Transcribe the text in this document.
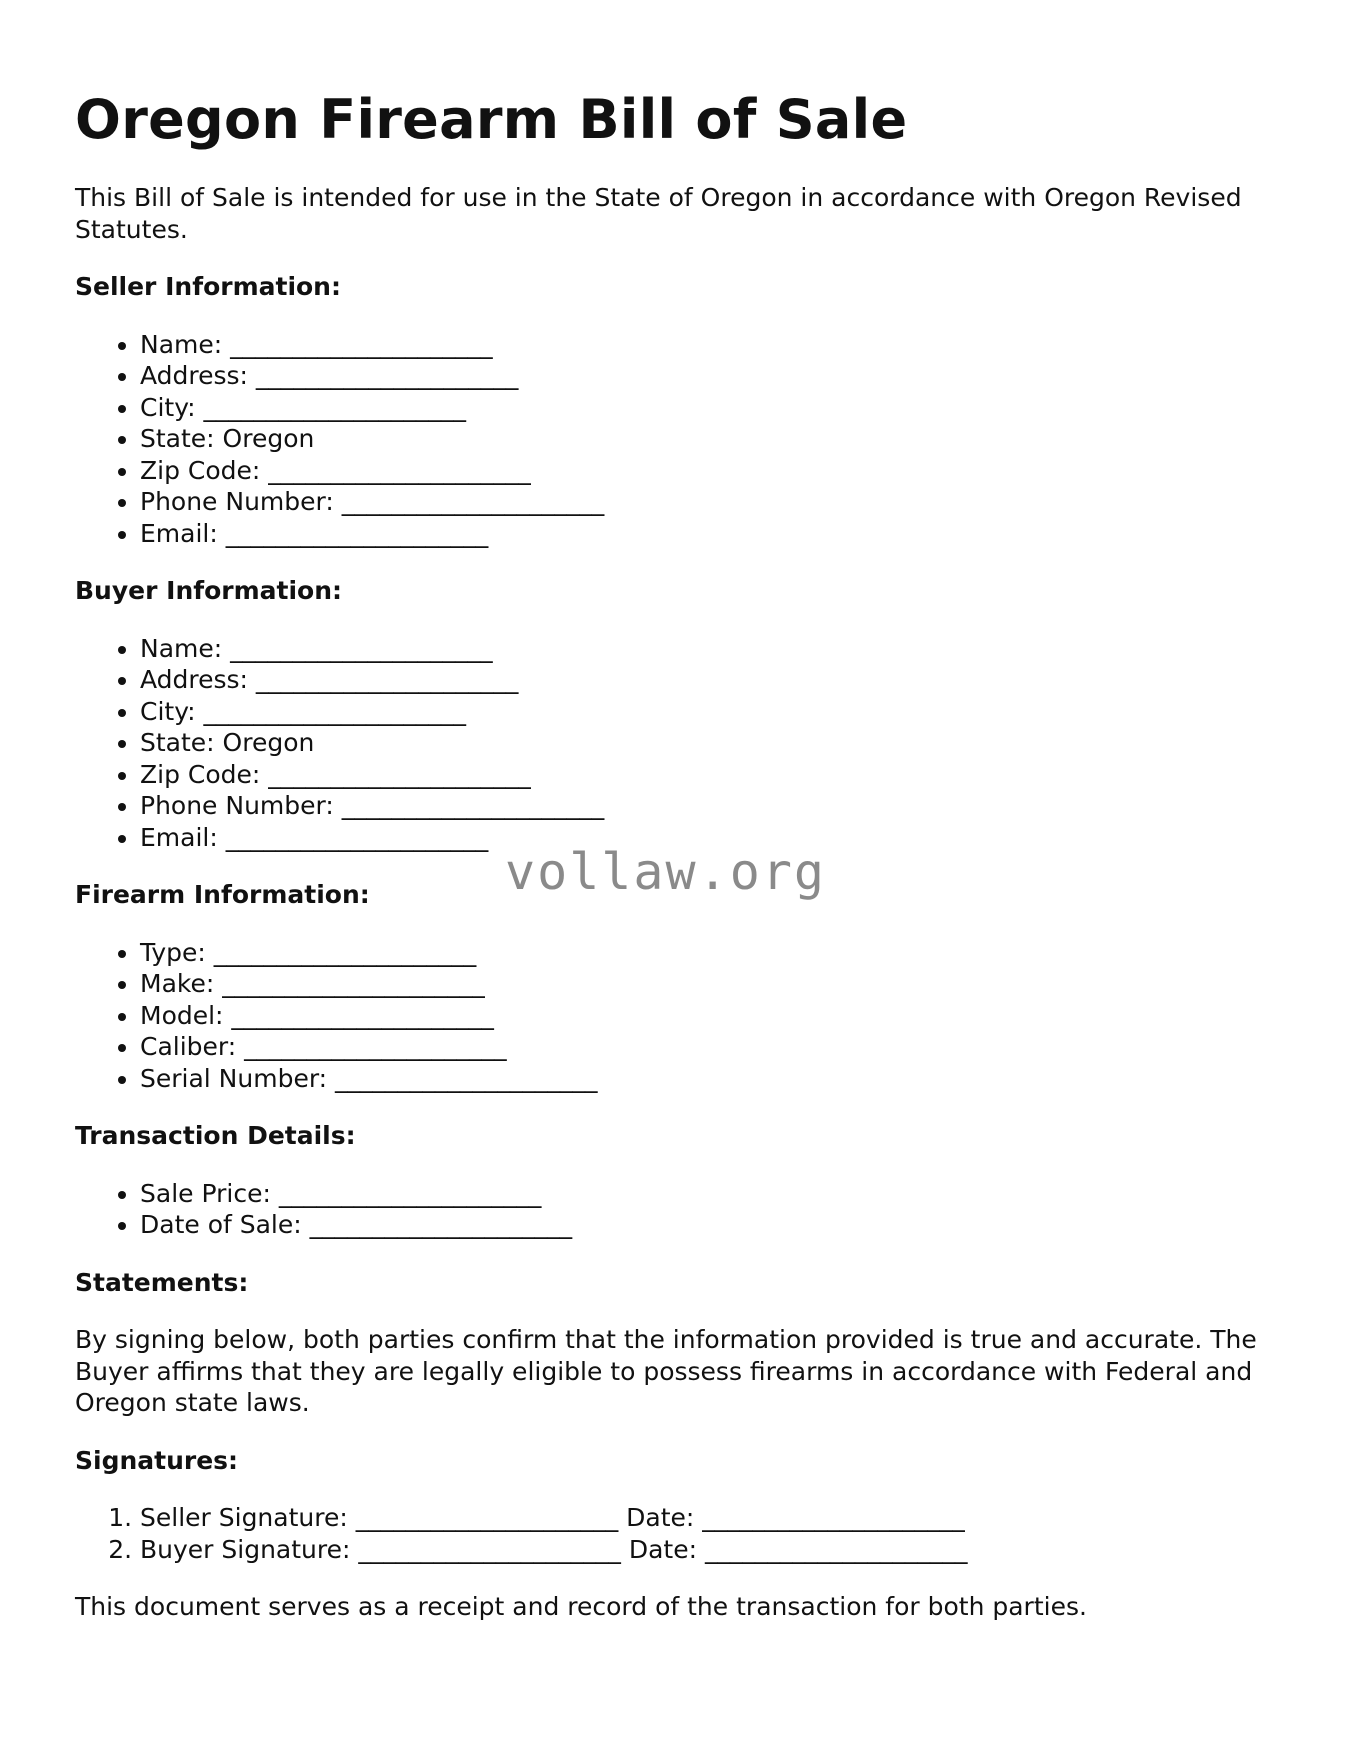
Oregon Firearm Bill of Sale

This Bill of Sale is intended for use in the State of Oregon in accordance with Oregon Revised Statutes.

Seller Information:
• Name: _____________________
• Address: _____________________
• City: _____________________
• State: Oregon
• Zip Code: _____________________
• Phone Number: _____________________
• Email: _____________________
Buyer Information:
• Name: _____________________
• Address: _____________________
• City: _____________________
• State: Oregon
• Zip Code: _____________________
• Phone Number: _____________________
• Email: _____________________
Firearm Information:
• Type: _____________________
• Make: _____________________
• Model: _____________________
• Caliber: _____________________
• Serial Number: _____________________
Transaction Details:
• Sale Price: _____________________
• Date of Sale: _____________________
Statements:

By signing below, both parties confirm that the information provided is true and accurate. The Buyer affirms that they are legally eligible to possess firearms in accordance with Federal and Oregon state laws.

Signatures:
1. Seller Signature: _____________________ Date: _____________________
2. Buyer Signature: _____________________ Date: _____________________

This document serves as a receipt and record of the transaction for both parties.

vollaw.org
